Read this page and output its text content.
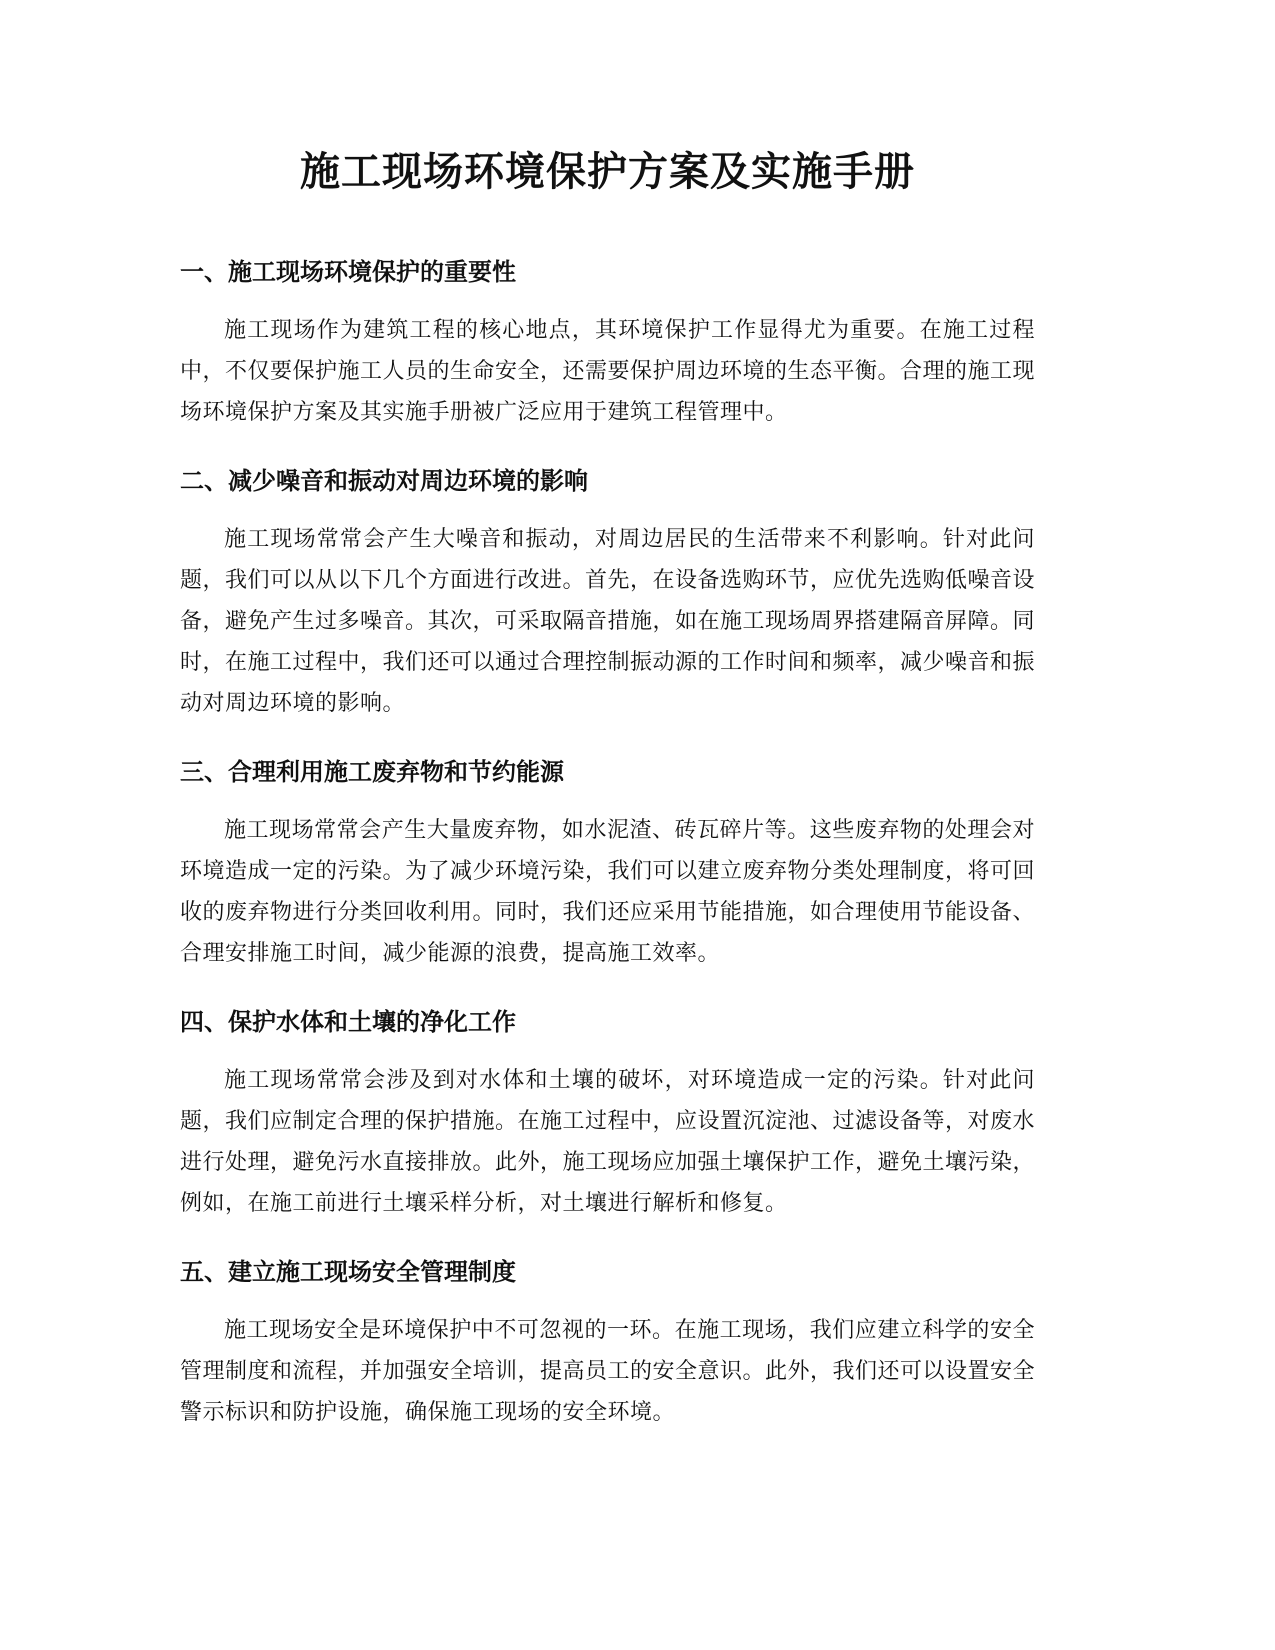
施工现场环境保护方案及实施手册
一、施工现场环境保护的重要性

施工现场作为建筑工程的核心地点，其环境保护工作显得尤为重要。在施工过程中，不仅要保护施工人员的生命安全，还需要保护周边环境的生态平衡。合理的施工现场环境保护方案及其实施手册被广泛应用于建筑工程管理中。

二、减少噪音和振动对周边环境的影响

施工现场常常会产生大噪音和振动，对周边居民的生活带来不利影响。针对此问题，我们可以从以下几个方面进行改进。首先，在设备选购环节，应优先选购低噪音设备，避免产生过多噪音。其次，可采取隔音措施，如在施工现场周界搭建隔音屏障。同时，在施工过程中，我们还可以通过合理控制振动源的工作时间和频率，减少噪音和振动对周边环境的影响。

三、合理利用施工废弃物和节约能源

施工现场常常会产生大量废弃物，如水泥渣、砖瓦碎片等。这些废弃物的处理会对环境造成一定的污染。为了减少环境污染，我们可以建立废弃物分类处理制度，将可回收的废弃物进行分类回收利用。同时，我们还应采用节能措施，如合理使用节能设备、合理安排施工时间，减少能源的浪费，提高施工效率。

四、保护水体和土壤的净化工作

施工现场常常会涉及到对水体和土壤的破坏，对环境造成一定的污染。针对此问题，我们应制定合理的保护措施。在施工过程中，应设置沉淀池、过滤设备等，对废水进行处理，避免污水直接排放。此外，施工现场应加强土壤保护工作，避免土壤污染，例如，在施工前进行土壤采样分析，对土壤进行解析和修复。

五、建立施工现场安全管理制度

施工现场安全是环境保护中不可忽视的一环。在施工现场，我们应建立科学的安全管理制度和流程，并加强安全培训，提高员工的安全意识。此外，我们还可以设置安全警示标识和防护设施，确保施工现场的安全环境。
